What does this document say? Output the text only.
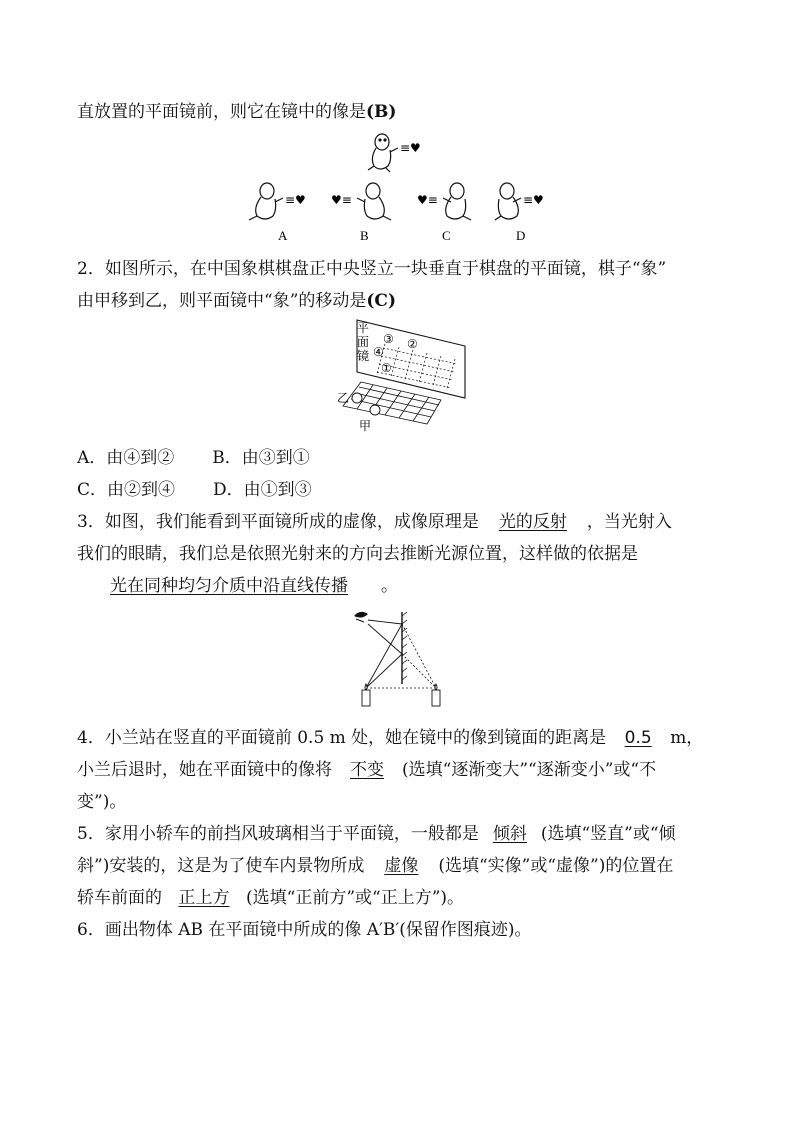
直放置的平面镜前，则它在镜中的像是(B)
≡♥
≡♥
A
♥≡
B
♥≡
C
≡♥
D
2．如图所示，在中国象棋棋盘正中央竖立一块垂直于棋盘的平面镜，棋子“象”
由甲移到乙，则平面镜中“象”的移动是(C)
平
面
镜
③ ②
④
①
乙
甲
A．由④到② B．由③到①
C．由②到④ D．由①到③
3．如图，我们能看到平面镜所成的虚像，成像原理是 光的反射 ，当光射入
我们的眼睛，我们总是依照光射来的方向去推断光源位置，这样做的依据是
光在同种均匀介质中沿直线传播 。
4．小兰站在竖直的平面镜前 0.5 m 处，她在镜中的像到镜面的距离是 0.5 m，
小兰后退时，她在平面镜中的像将 不变 (选填“逐渐变大”“逐渐变小”或“不
变”)。
5．家用小轿车的前挡风玻璃相当于平面镜，一般都是 倾斜 (选填“竖直”或“倾
斜”)安装的，这是为了使车内景物所成 虚像 (选填“实像”或“虚像”)的位置在
轿车前面的 正上方 (选填“正前方”或“正上方”)。
6．画出物体 AB 在平面镜中所成的像 A′B′(保留作图痕迹)。
